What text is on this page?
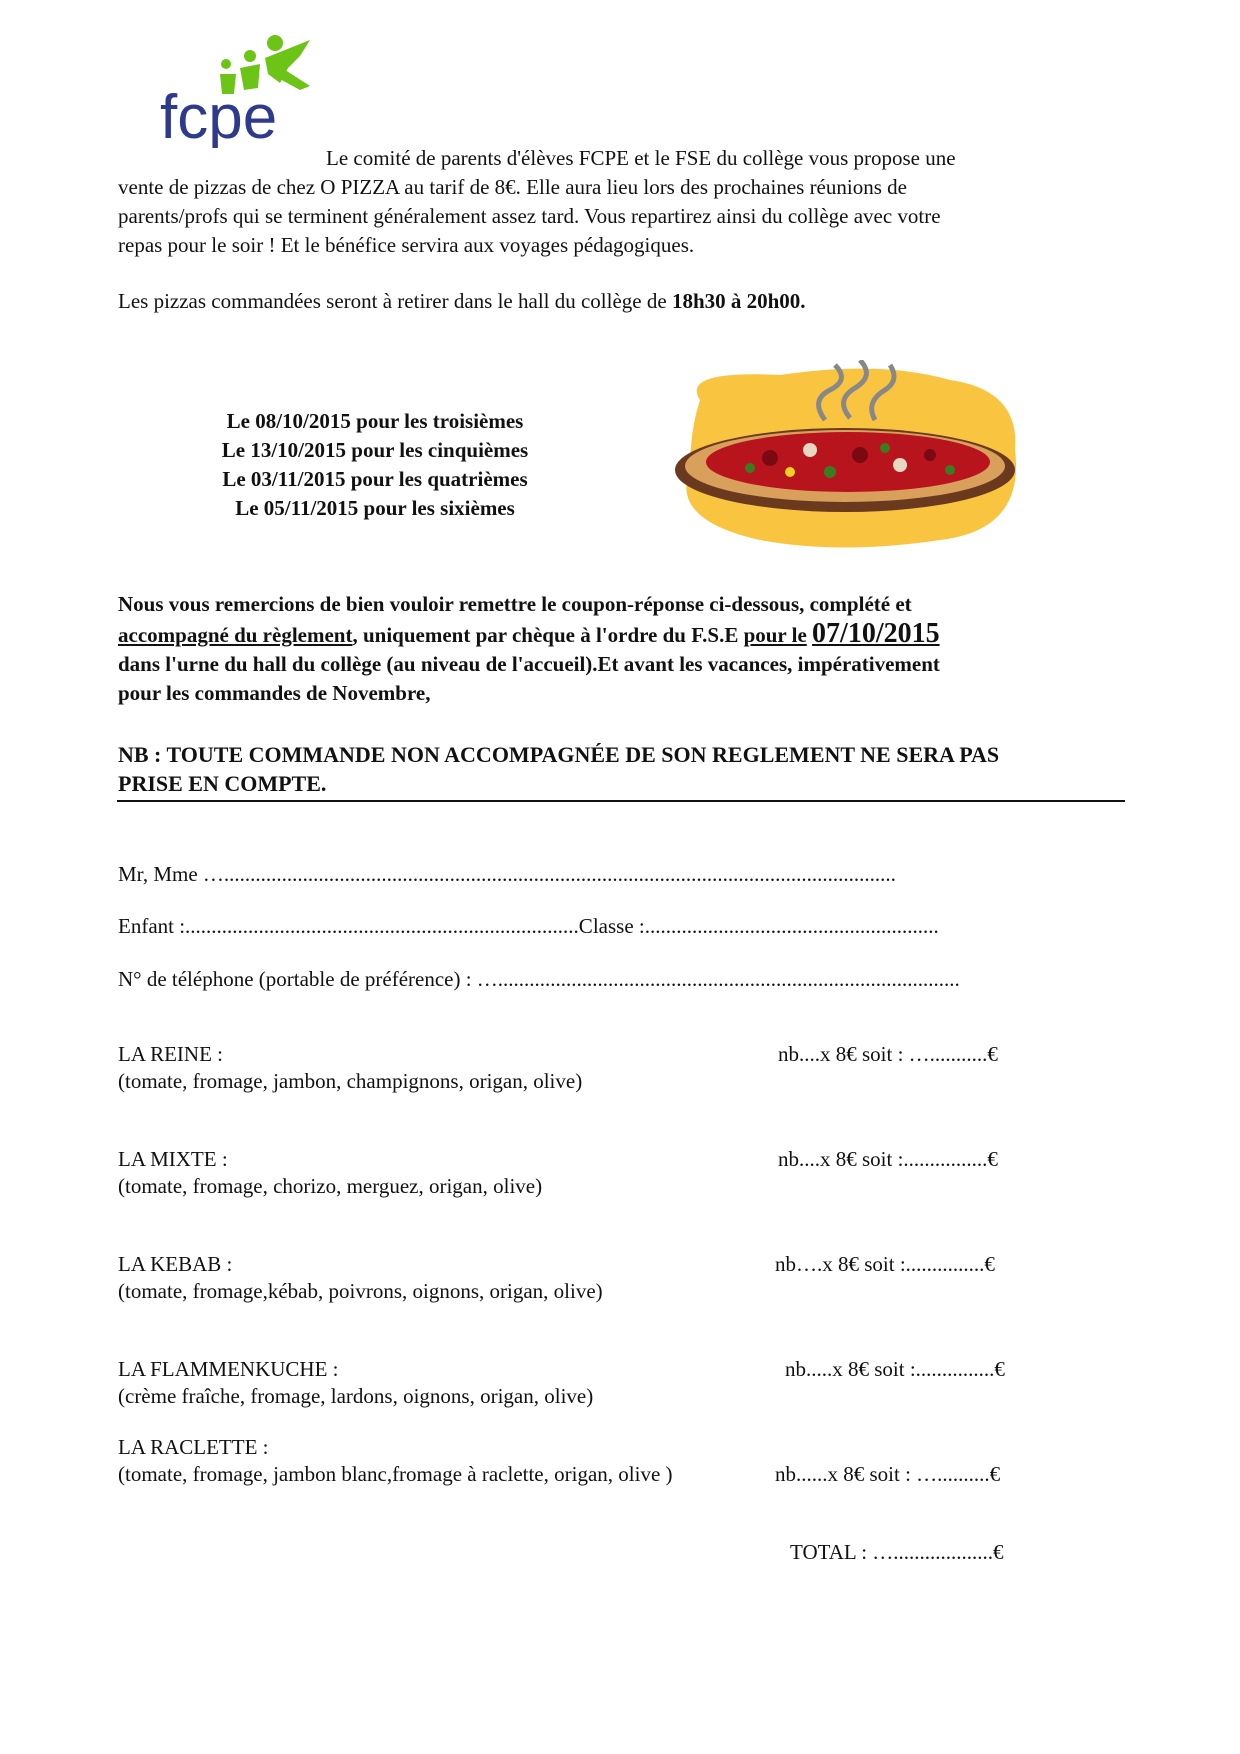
fcpe
Le comité de parents d'élèves FCPE et le FSE du collège vous propose une
vente de pizzas de chez O PIZZA au tarif de 8€. Elle aura lieu lors des prochaines réunions de
parents/profs qui se terminent généralement assez tard. Vous repartirez ainsi du collège avec votre
repas pour le soir ! Et le bénéfice servira aux voyages pédagogiques.
Les pizzas commandées seront à retirer dans le hall du collège de 18h30 à 20h00.
Le 08/10/2015 pour les troisièmes
Le 13/10/2015 pour les cinquièmes
Le 03/11/2015 pour les quatrièmes
Le 05/11/2015 pour les sixièmes
Nous vous remercions de bien vouloir remettre le coupon-réponse ci-dessous, complété et
accompagné du règlement, uniquement par chèque à l'ordre du F.S.E pour le 07/10/2015
dans l'urne du hall du collège (au niveau de l'accueil).Et avant les vacances, impérativement
pour les commandes de Novembre,
NB : TOUTE COMMANDE NON ACCOMPAGNÉE DE SON REGLEMENT NE SERA PAS
PRISE EN COMPTE.
Mr, Mme …................................................................................................................................
Enfant :...........................................................................Classe :........................................................
N° de téléphone (portable de préférence) : …........................................................................................
LA REINE :
(tomate, fromage, jambon, champignons, origan, olive)
nb....x 8€ soit : …...........€
LA MIXTE :
(tomate, fromage, chorizo, merguez, origan, olive)
nb....x 8€ soit :................€
LA KEBAB :
(tomate, fromage,kébab, poivrons, oignons, origan, olive)
nb….x 8€ soit :...............€
LA FLAMMENKUCHE :
(crème fraîche, fromage, lardons, oignons, origan, olive)
nb.....x 8€ soit :...............€
LA RACLETTE :
(tomate, fromage, jambon blanc,fromage à raclette, origan, olive )	nb......x 8€ soit : …..........€
TOTAL : …...................€
